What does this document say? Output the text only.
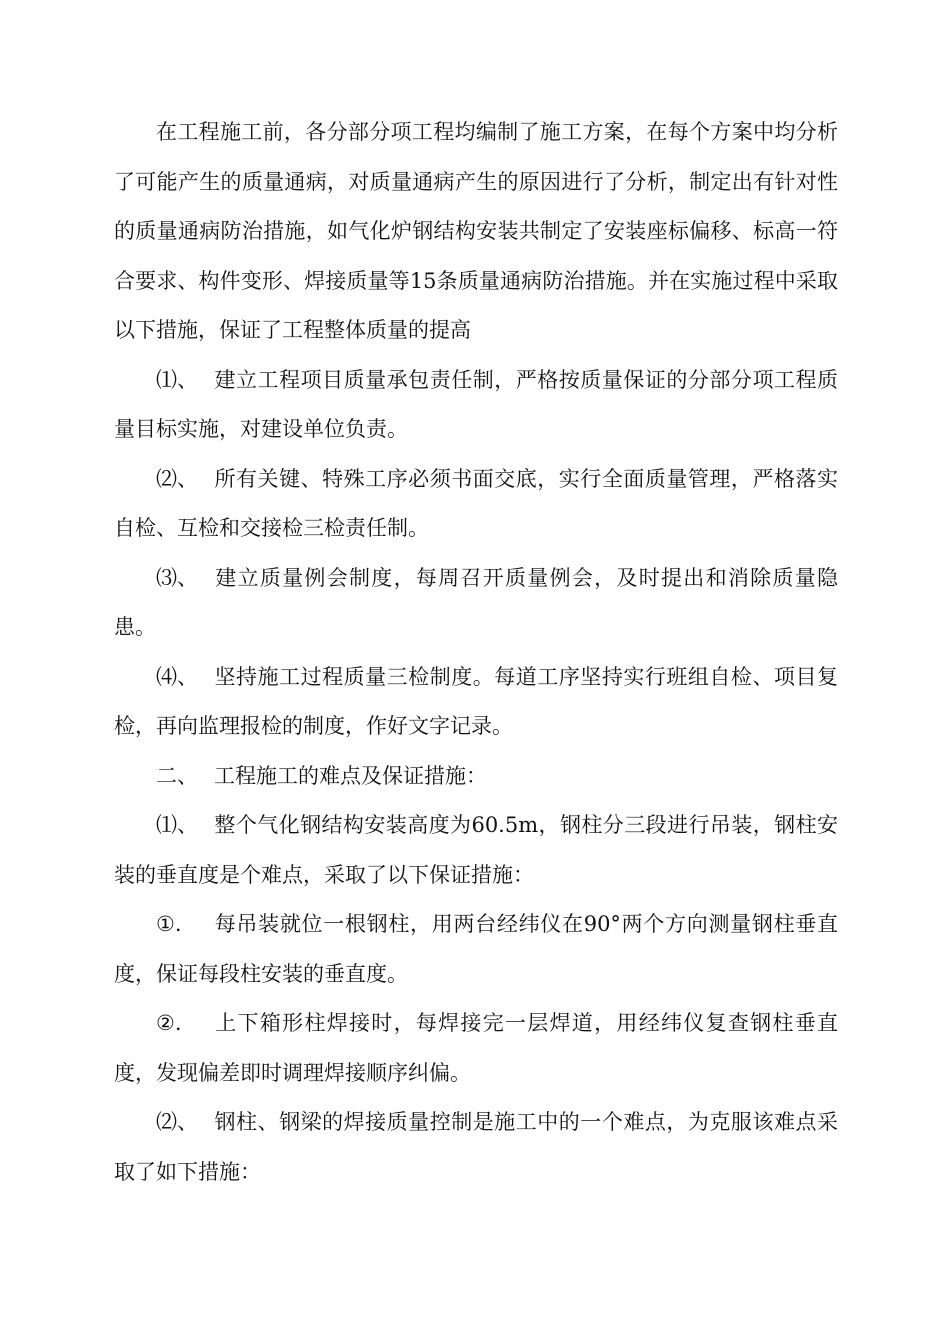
在工程施工前，各分部分项工程均编制了施工方案，在每个方案中均分析了可能产生的质量通病，对质量通病产生的原因进行了分析，制定出有针对性的质量通病防治措施，如气化炉钢结构安装共制定了安装座标偏移、标高一符合要求、构件变形、焊接质量等15条质量通病防治措施。并在实施过程中采取以下措施，保证了工程整体质量的提高

⑴、 建立工程项目质量承包责任制，严格按质量保证的分部分项工程质量目标实施，对建设单位负责。

⑵、 所有关键、特殊工序必须书面交底，实行全面质量管理，严格落实自检、互检和交接检三检责任制。

⑶、 建立质量例会制度，每周召开质量例会，及时提出和消除质量隐患。

⑷、 坚持施工过程质量三检制度。每道工序坚持实行班组自检、项目复检，再向监理报检的制度，作好文字记录。

二、 工程施工的难点及保证措施：

⑴、 整个气化钢结构安装高度为60.5m，钢柱分三段进行吊装，钢柱安装的垂直度是个难点，采取了以下保证措施：

①. 每吊装就位一根钢柱，用两台经纬仪在90°两个方向测量钢柱垂直度，保证每段柱安装的垂直度。

②. 上下箱形柱焊接时，每焊接完一层焊道，用经纬仪复查钢柱垂直度，发现偏差即时调理焊接顺序纠偏。

⑵、 钢柱、钢梁的焊接质量控制是施工中的一个难点，为克服该难点采取了如下措施：
